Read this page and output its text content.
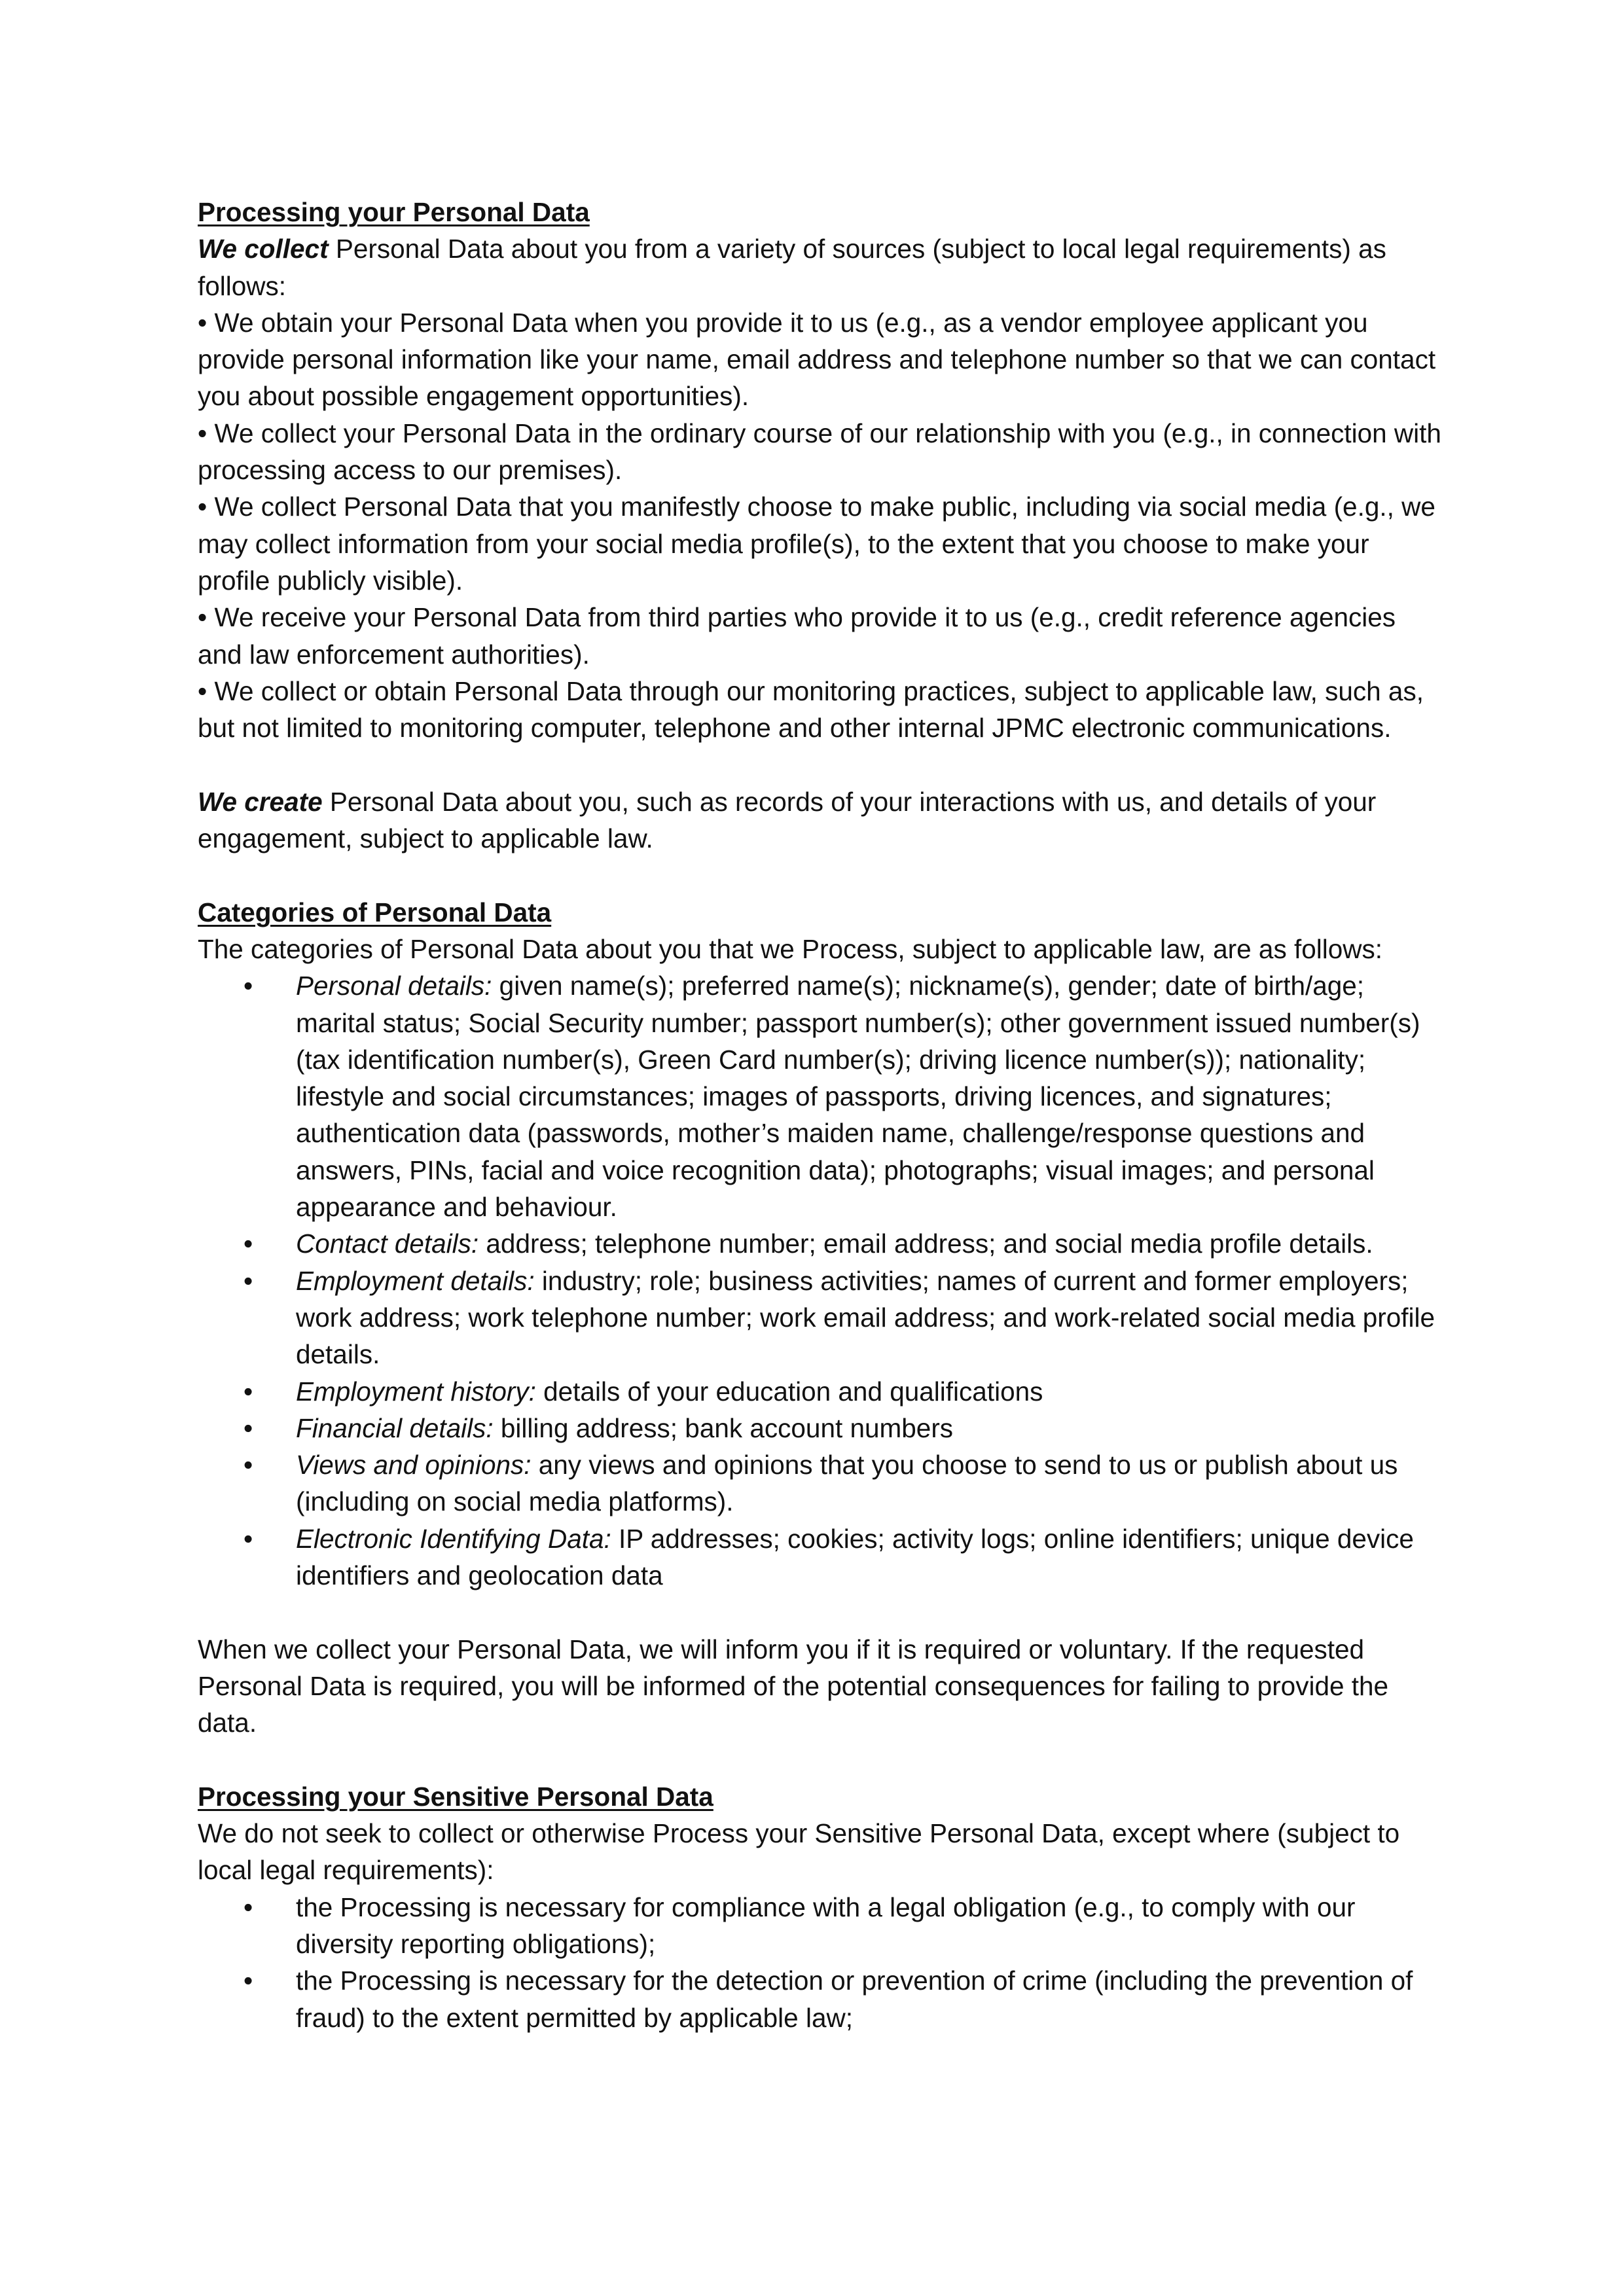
Processing your Personal Data

We collect Personal Data about you from a variety of sources (subject to local legal requirements) as follows:

• We obtain your Personal Data when you provide it to us (e.g., as a vendor employee applicant you provide personal information like your name, email address and telephone number so that we can contact you about possible engagement opportunities).

• We collect your Personal Data in the ordinary course of our relationship with you (e.g., in connection with processing access to our premises).

• We collect Personal Data that you manifestly choose to make public, including via social media (e.g., we may collect information from your social media profile(s), to the extent that you choose to make your profile publicly visible).

• We receive your Personal Data from third parties who provide it to us (e.g., credit reference agencies and law enforcement authorities).

• We collect or obtain Personal Data through our monitoring practices, subject to applicable law, such as, but not limited to monitoring computer, telephone and other internal JPMC electronic communications.

We create Personal Data about you, such as records of your interactions with us, and details of your engagement, subject to applicable law.

Categories of Personal Data

The categories of Personal Data about you that we Process, subject to applicable law, are as follows:

• Personal details: given name(s); preferred name(s); nickname(s), gender; date of birth/age; marital status; Social Security number; passport number(s); other government issued number(s) (tax identification number(s), Green Card number(s); driving licence number(s)); nationality; lifestyle and social circumstances; images of passports, driving licences, and signatures; authentication data (passwords, mother’s maiden name, challenge/response questions and answers, PINs, facial and voice recognition data); photographs; visual images; and personal appearance and behaviour.
• Contact details: address; telephone number; email address; and social media profile details.
• Employment details: industry; role; business activities; names of current and former employers; work address; work telephone number; work email address; and work-related social media profile details.
• Employment history: details of your education and qualifications
• Financial details: billing address; bank account numbers
• Views and opinions: any views and opinions that you choose to send to us or publish about us (including on social media platforms).
• Electronic Identifying Data: IP addresses; cookies; activity logs; online identifiers; unique device identifiers and geolocation data

When we collect your Personal Data, we will inform you if it is required or voluntary. If the requested Personal Data is required, you will be informed of the potential consequences for failing to provide the data.

Processing your Sensitive Personal Data

We do not seek to collect or otherwise Process your Sensitive Personal Data, except where (subject to local legal requirements):

• the Processing is necessary for compliance with a legal obligation (e.g., to comply with our diversity reporting obligations);
• the Processing is necessary for the detection or prevention of crime (including the prevention of fraud) to the extent permitted by applicable law;
